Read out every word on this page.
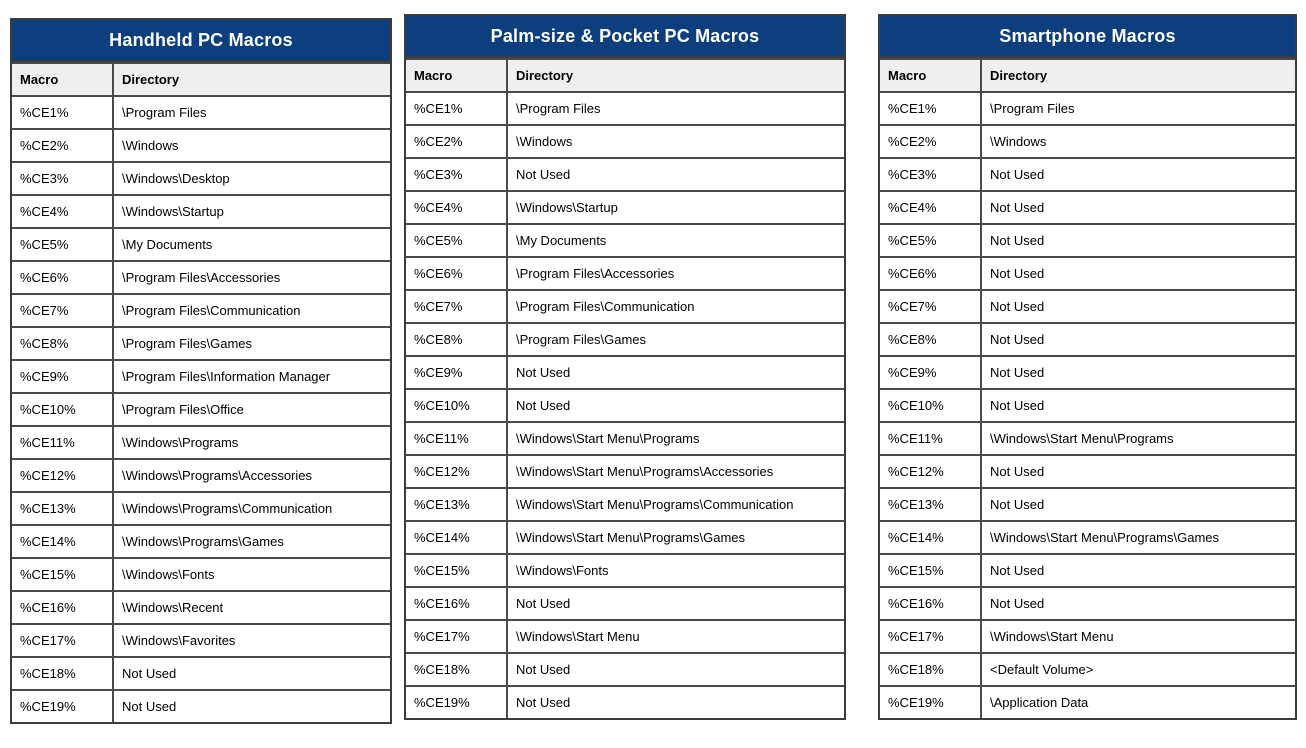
Handheld PC Macros
Macro	Directory
%CE1%	\Program Files
%CE2%	\Windows
%CE3%	\Windows\Desktop
%CE4%	\Windows\Startup
%CE5%	\My Documents
%CE6%	\Program Files\Accessories
%CE7%	\Program Files\Communication
%CE8%	\Program Files\Games
%CE9%	\Program Files\Information Manager
%CE10%	\Program Files\Office
%CE11%	\Windows\Programs
%CE12%	\Windows\Programs\Accessories
%CE13%	\Windows\Programs\Communication
%CE14%	\Windows\Programs\Games
%CE15%	\Windows\Fonts
%CE16%	\Windows\Recent
%CE17%	\Windows\Favorites
%CE18%	Not Used
%CE19%	Not Used
Palm-size & Pocket PC Macros
Macro	Directory
%CE1%	\Program Files
%CE2%	\Windows
%CE3%	Not Used
%CE4%	\Windows\Startup
%CE5%	\My Documents
%CE6%	\Program Files\Accessories
%CE7%	\Program Files\Communication
%CE8%	\Program Files\Games
%CE9%	Not Used
%CE10%	Not Used
%CE11%	\Windows\Start Menu\Programs
%CE12%	\Windows\Start Menu\Programs\Accessories
%CE13%	\Windows\Start Menu\Programs\Communication
%CE14%	\Windows\Start Menu\Programs\Games
%CE15%	\Windows\Fonts
%CE16%	Not Used
%CE17%	\Windows\Start Menu
%CE18%	Not Used
%CE19%	Not Used
Smartphone Macros
Macro	Directory
%CE1%	\Program Files
%CE2%	\Windows
%CE3%	Not Used
%CE4%	Not Used
%CE5%	Not Used
%CE6%	Not Used
%CE7%	Not Used
%CE8%	Not Used
%CE9%	Not Used
%CE10%	Not Used
%CE11%	\Windows\Start Menu\Programs
%CE12%	Not Used
%CE13%	Not Used
%CE14%	\Windows\Start Menu\Programs\Games
%CE15%	Not Used
%CE16%	Not Used
%CE17%	\Windows\Start Menu
%CE18%	<Default Volume>
%CE19%	\Application Data
